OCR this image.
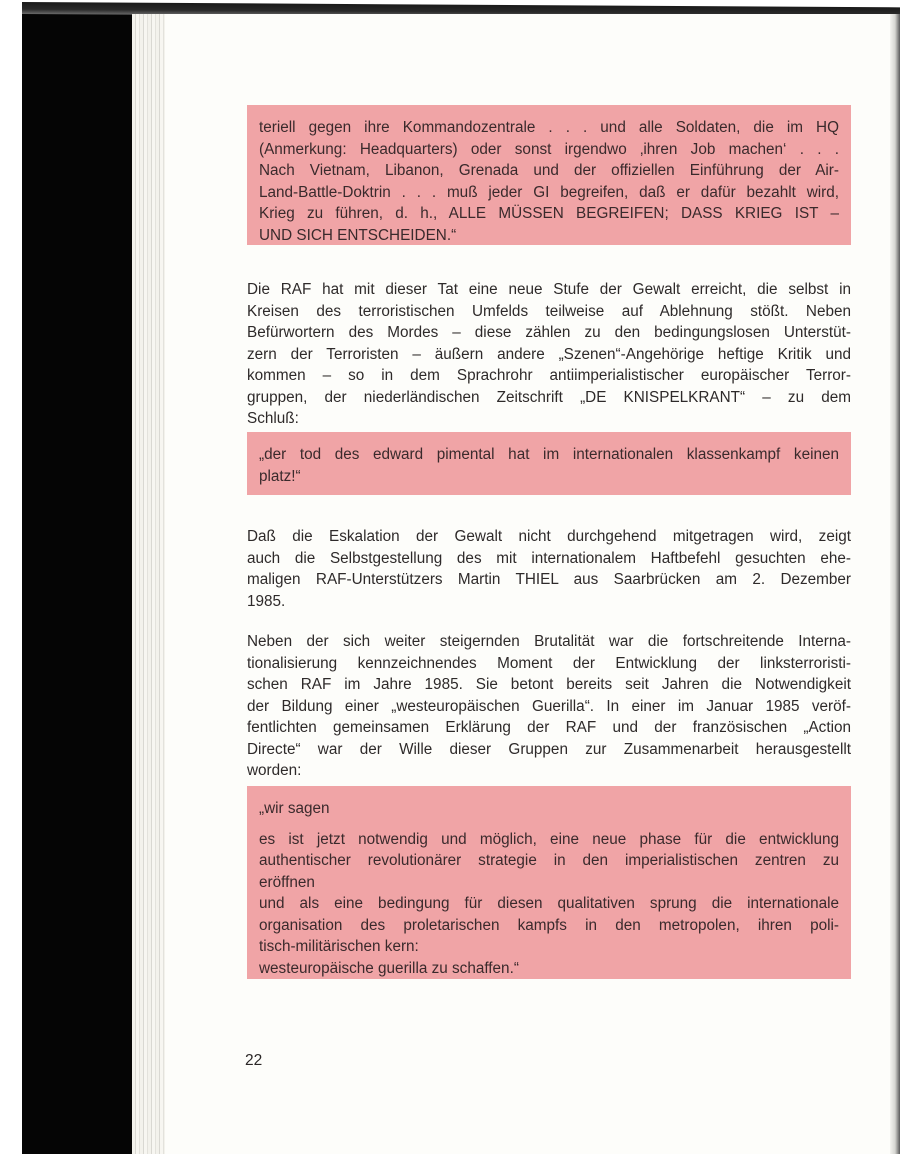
teriell gegen ihre Kommandozentrale . . . und alle Soldaten, die im HQ
(Anmerkung: Headquarters) oder sonst irgendwo ‚ihren Job machen‘ . . .
Nach Vietnam, Libanon, Grenada und der offiziellen Einführung der Air-
Land-Battle-Doktrin . . . muß jeder GI begreifen, daß er dafür bezahlt wird,
Krieg zu führen, d. h., ALLE MÜSSEN BEGREIFEN; DASS KRIEG IST –
UND SICH ENTSCHEIDEN.“
Die RAF hat mit dieser Tat eine neue Stufe der Gewalt erreicht, die selbst in
Kreisen des terroristischen Umfelds teilweise auf Ablehnung stößt. Neben
Befürwortern des Mordes – diese zählen zu den bedingungslosen Unterstüt-
zern der Terroristen – äußern andere „Szenen“-Angehörige heftige Kritik und
kommen – so in dem Sprachrohr antiimperialistischer europäischer Terror-
gruppen, der niederländischen Zeitschrift „DE KNISPELKRANT“ – zu dem
Schluß:
„der tod des edward pimental hat im internationalen klassenkampf keinen
platz!“
Daß die Eskalation der Gewalt nicht durchgehend mitgetragen wird, zeigt
auch die Selbstgestellung des mit internationalem Haftbefehl gesuchten ehe-
maligen RAF-Unterstützers Martin THIEL aus Saarbrücken am 2. Dezember
1985.
Neben der sich weiter steigernden Brutalität war die fortschreitende Interna-
tionalisierung kennzeichnendes Moment der Entwicklung der linksterroristi-
schen RAF im Jahre 1985. Sie betont bereits seit Jahren die Notwendigkeit
der Bildung einer „westeuropäischen Guerilla“. In einer im Januar 1985 veröf-
fentlichten gemeinsamen Erklärung der RAF und der französischen „Action
Directe“ war der Wille dieser Gruppen zur Zusammenarbeit herausgestellt
worden:
„wir sagen
es ist jetzt notwendig und möglich, eine neue phase für die entwicklung
authentischer revolutionärer strategie in den imperialistischen zentren zu
eröffnen
und als eine bedingung für diesen qualitativen sprung die internationale
organisation des proletarischen kampfs in den metropolen, ihren poli-
tisch-militärischen kern:
westeuropäische guerilla zu schaffen.“
22
